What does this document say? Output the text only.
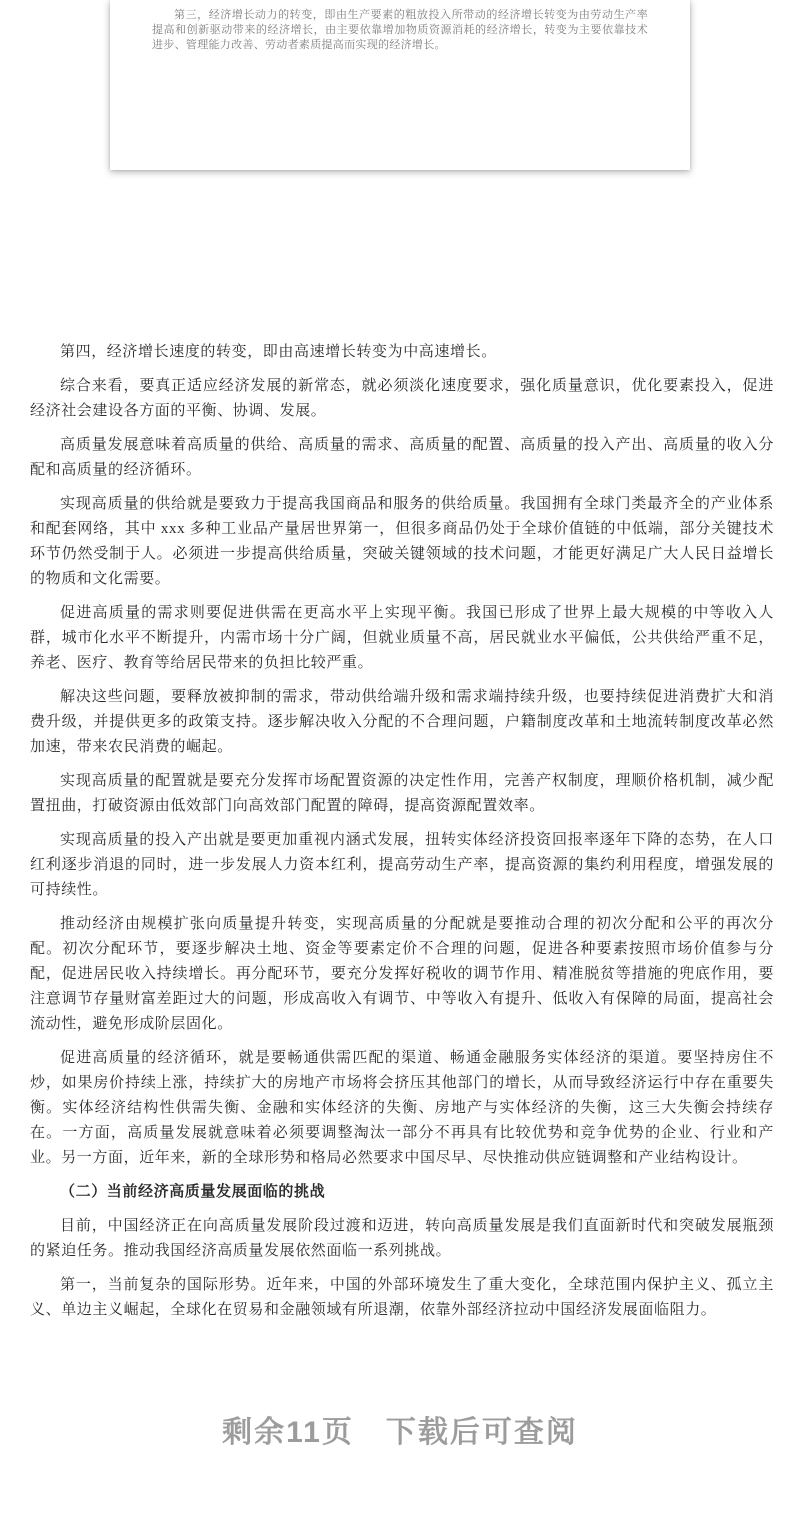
第三，经济增长动力的转变，即由生产要素的粗放投入所带动的经济增长转变为由劳动生产率提高和创新驱动带来的经济增长，由主要依靠增加物质资源消耗的经济增长，转变为主要依靠技术进步、管理能力改善、劳动者素质提高而实现的经济增长。

第四，经济增长速度的转变，即由高速增长转变为中高速增长。

综合来看，要真正适应经济发展的新常态，就必须淡化速度要求，强化质量意识，优化要素投入，促进经济社会建设各方面的平衡、协调、发展。

高质量发展意味着高质量的供给、高质量的需求、高质量的配置、高质量的投入产出、高质量的收入分配和高质量的经济循环。

实现高质量的供给就是要致力于提高我国商品和服务的供给质量。我国拥有全球门类最齐全的产业体系和配套网络，其中 xxx 多种工业品产量居世界第一，但很多商品仍处于全球价值链的中低端，部分关键技术环节仍然受制于人。必须进一步提高供给质量，突破关键领域的技术问题，才能更好满足广大人民日益增长的物质和文化需要。

促进高质量的需求则要促进供需在更高水平上实现平衡。我国已形成了世界上最大规模的中等收入人群，城市化水平不断提升，内需市场十分广阔，但就业质量不高，居民就业水平偏低，公共供给严重不足，养老、医疗、教育等给居民带来的负担比较严重。

解决这些问题，要释放被抑制的需求，带动供给端升级和需求端持续升级，也要持续促进消费扩大和消费升级，并提供更多的政策支持。逐步解决收入分配的不合理问题，户籍制度改革和土地流转制度改革必然加速，带来农民消费的崛起。

实现高质量的配置就是要充分发挥市场配置资源的决定性作用，完善产权制度，理顺价格机制，减少配置扭曲，打破资源由低效部门向高效部门配置的障碍，提高资源配置效率。

实现高质量的投入产出就是要更加重视内涵式发展，扭转实体经济投资回报率逐年下降的态势，在人口红利逐步消退的同时，进一步发展人力资本红利，提高劳动生产率，提高资源的集约利用程度，增强发展的可持续性。

推动经济由规模扩张向质量提升转变，实现高质量的分配就是要推动合理的初次分配和公平的再次分配。初次分配环节，要逐步解决土地、资金等要素定价不合理的问题，促进各种要素按照市场价值参与分配，促进居民收入持续增长。再分配环节，要充分发挥好税收的调节作用、精准脱贫等措施的兜底作用，要注意调节存量财富差距过大的问题，形成高收入有调节、中等收入有提升、低收入有保障的局面，提高社会流动性，避免形成阶层固化。

促进高质量的经济循环，就是要畅通供需匹配的渠道、畅通金融服务实体经济的渠道。要坚持房住不炒，如果房价持续上涨，持续扩大的房地产市场将会挤压其他部门的增长，从而导致经济运行中存在重要失衡。实体经济结构性供需失衡、金融和实体经济的失衡、房地产与实体经济的失衡，这三大失衡会持续存在。一方面，高质量发展就意味着必须要调整淘汰一部分不再具有比较优势和竞争优势的企业、行业和产业。另一方面，近年来，新的全球形势和格局必然要求中国尽早、尽快推动供应链调整和产业结构设计。

（二）当前经济高质量发展面临的挑战

目前，中国经济正在向高质量发展阶段过渡和迈进，转向高质量发展是我们直面新时代和突破发展瓶颈的紧迫任务。推动我国经济高质量发展依然面临一系列挑战。

第一，当前复杂的国际形势。近年来，中国的外部环境发生了重大变化，全球范围内保护主义、孤立主义、单边主义崛起，全球化在贸易和金融领域有所退潮，依靠外部经济拉动中国经济发展面临阻力。

剩余11页　下载后可查阅
